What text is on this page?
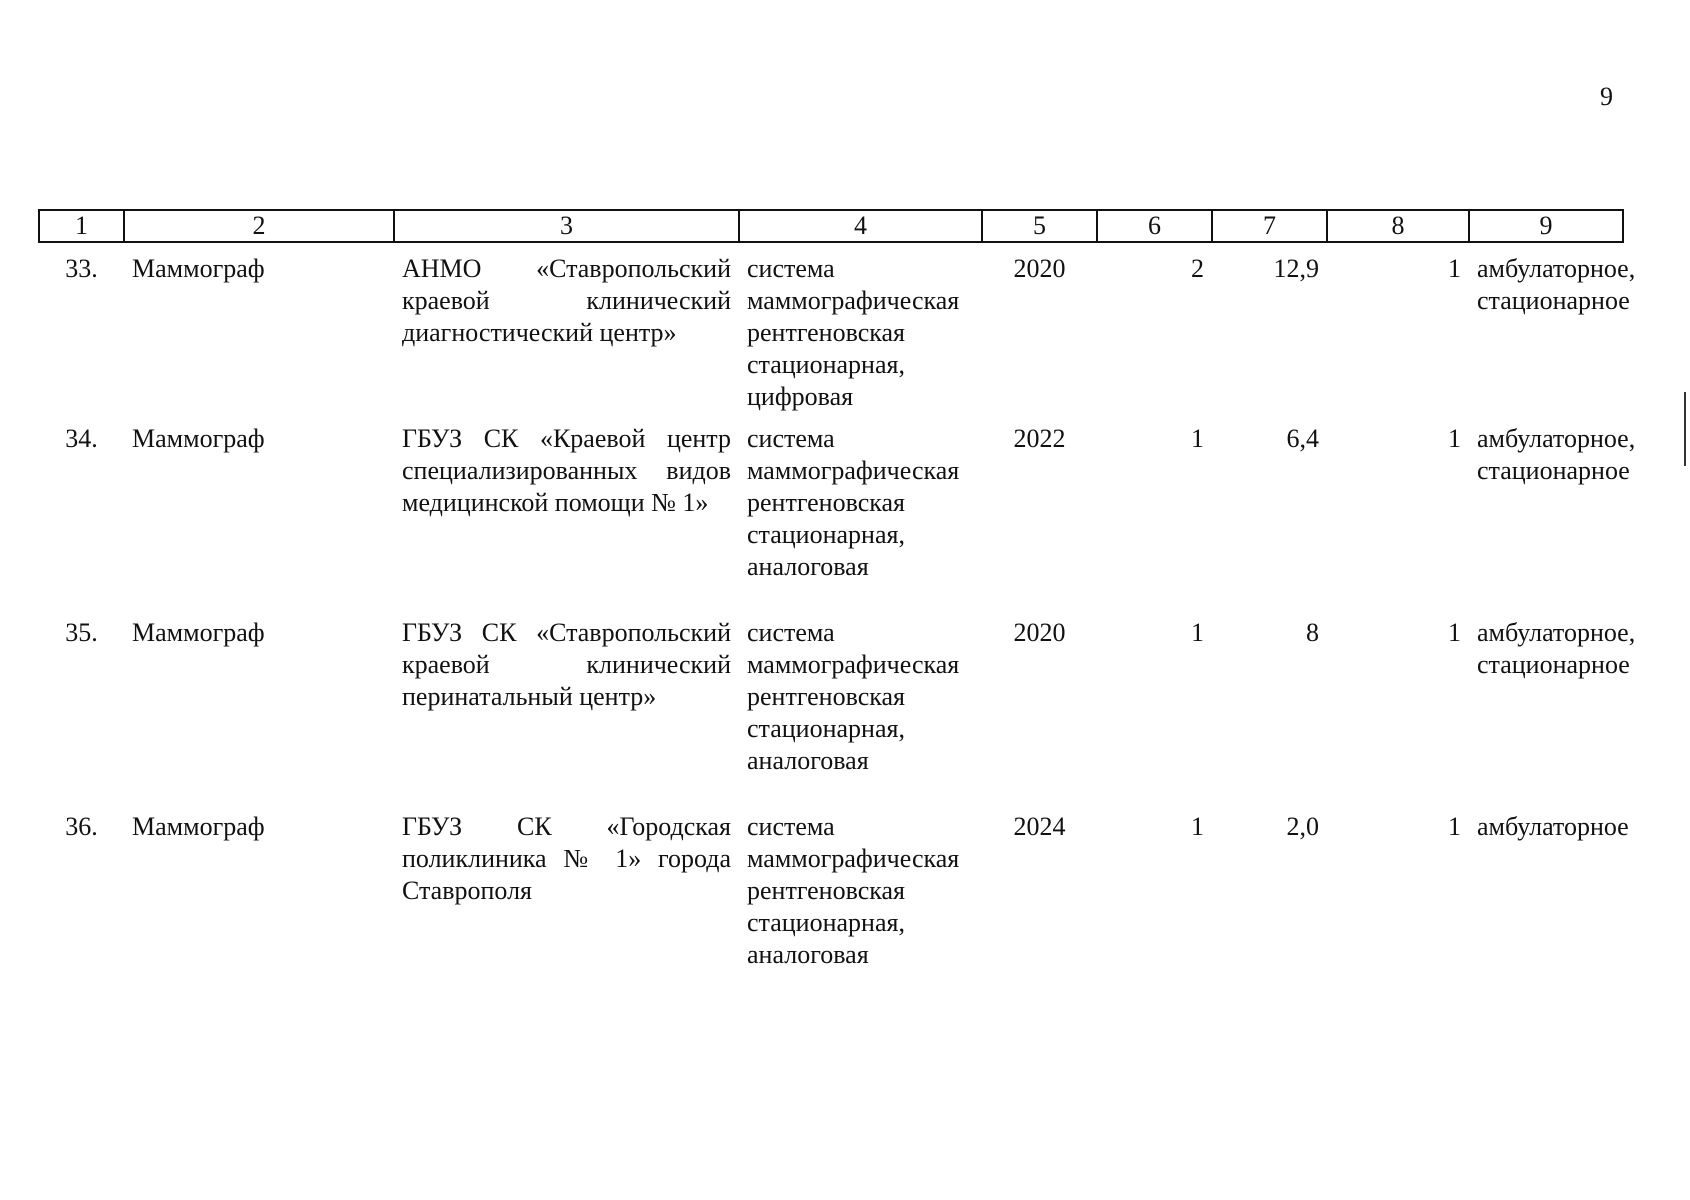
9
1	2	3	4	5	6	7	8	9
33.	Маммограф	АНМО «Ставропольский краевой клинический диагностический центр»	система маммографическая рентгеновская стационарная, цифровая	2020	2	12,9	1	амбулаторное, стационарное
34.	Маммограф	ГБУЗ СК «Краевой центр специализированных видов медицинской помощи № 1»	система маммографическая рентгеновская стационарная, аналоговая	2022	1	6,4	1	амбулаторное, стационарное
35.	Маммограф	ГБУЗ СК «Ставропольский краевой клинический перинатальный центр»	система маммографическая рентгеновская стационарная, аналоговая	2020	1	8	1	амбулаторное, стационарное
36.	Маммограф	ГБУЗ СК «Городская поликлиника № 1» города Ставрополя	система маммографическая рентгеновская стационарная, аналоговая	2024	1	2,0	1	амбулаторное
